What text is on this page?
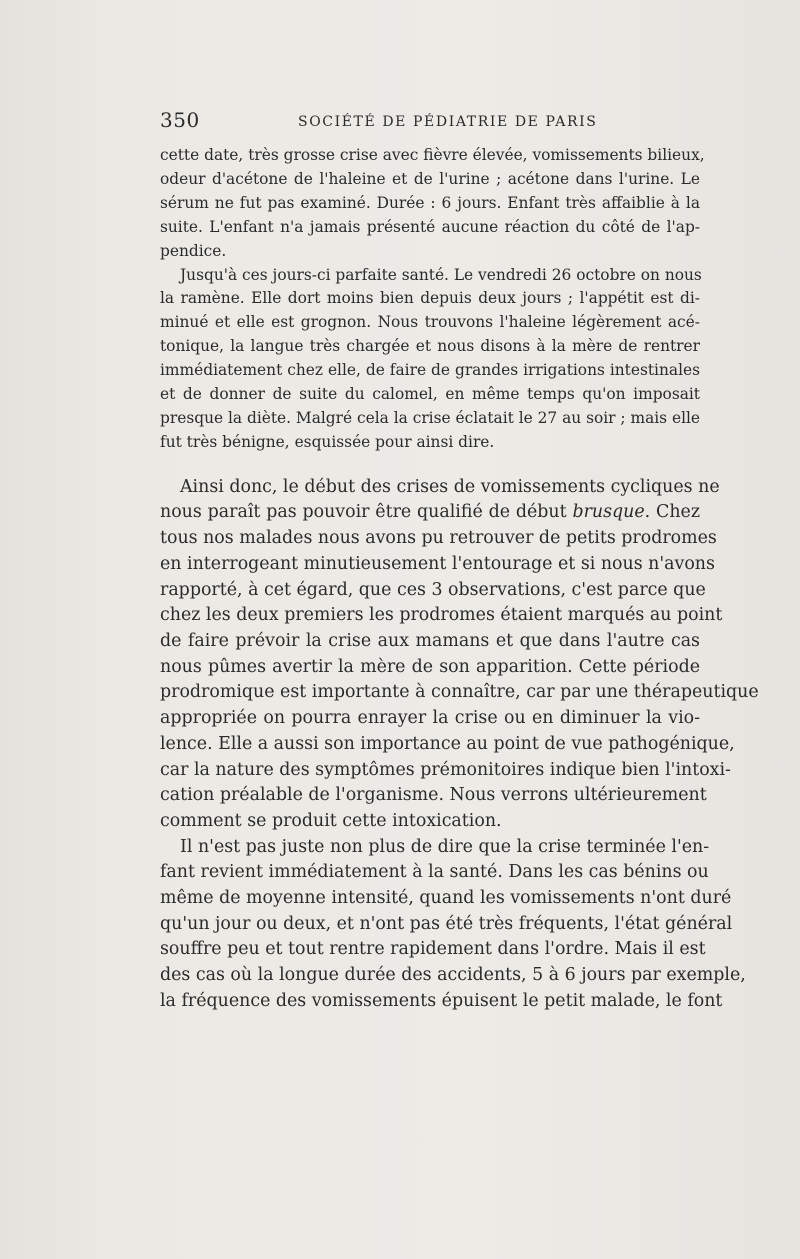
350	SOCIÉTÉ DE PÉDIATRIE DE PARIS

cette date, très grosse crise avec fièvre élevée, vomissements bilieux,
odeur d'acétone de l'haleine et de l'urine ; acétone dans l'urine. Le
sérum ne fut pas examiné. Durée : 6 jours. Enfant très affaiblie à la
suite. L'enfant n'a jamais présenté aucune réaction du côté de l'ap-
pendice.

Jusqu'à ces jours-ci parfaite santé. Le vendredi 26 octobre on nous
la ramène. Elle dort moins bien depuis deux jours ; l'appétit est di-
minué et elle est grognon. Nous trouvons l'haleine légèrement acé-
tonique, la langue très chargée et nous disons à la mère de rentrer
immédiatement chez elle, de faire de grandes irrigations intestinales
et de donner de suite du calomel, en même temps qu'on imposait
presque la diète. Malgré cela la crise éclatait le 27 au soir ; mais elle
fut très bénigne, esquissée pour ainsi dire.

Ainsi donc, le début des crises de vomissements cycliques ne
nous paraît pas pouvoir être qualifié de début brusque. Chez
tous nos malades nous avons pu retrouver de petits prodromes
en interrogeant minutieusement l'entourage et si nous n'avons
rapporté, à cet égard, que ces 3 observations, c'est parce que
chez les deux premiers les prodromes étaient marqués au point
de faire prévoir la crise aux mamans et que dans l'autre cas
nous pûmes avertir la mère de son apparition. Cette période
prodromique est importante à connaître, car par une thérapeutique
appropriée on pourra enrayer la crise ou en diminuer la vio-
lence. Elle a aussi son importance au point de vue pathogénique,
car la nature des symptômes prémonitoires indique bien l'intoxi-
cation préalable de l'organisme. Nous verrons ultérieurement
comment se produit cette intoxication.

Il n'est pas juste non plus de dire que la crise terminée l'en-
fant revient immédiatement à la santé. Dans les cas bénins ou
même de moyenne intensité, quand les vomissements n'ont duré
qu'un jour ou deux, et n'ont pas été très fréquents, l'état général
souffre peu et tout rentre rapidement dans l'ordre. Mais il est
des cas où la longue durée des accidents, 5 à 6 jours par exemple,
la fréquence des vomissements épuisent le petit malade, le font
